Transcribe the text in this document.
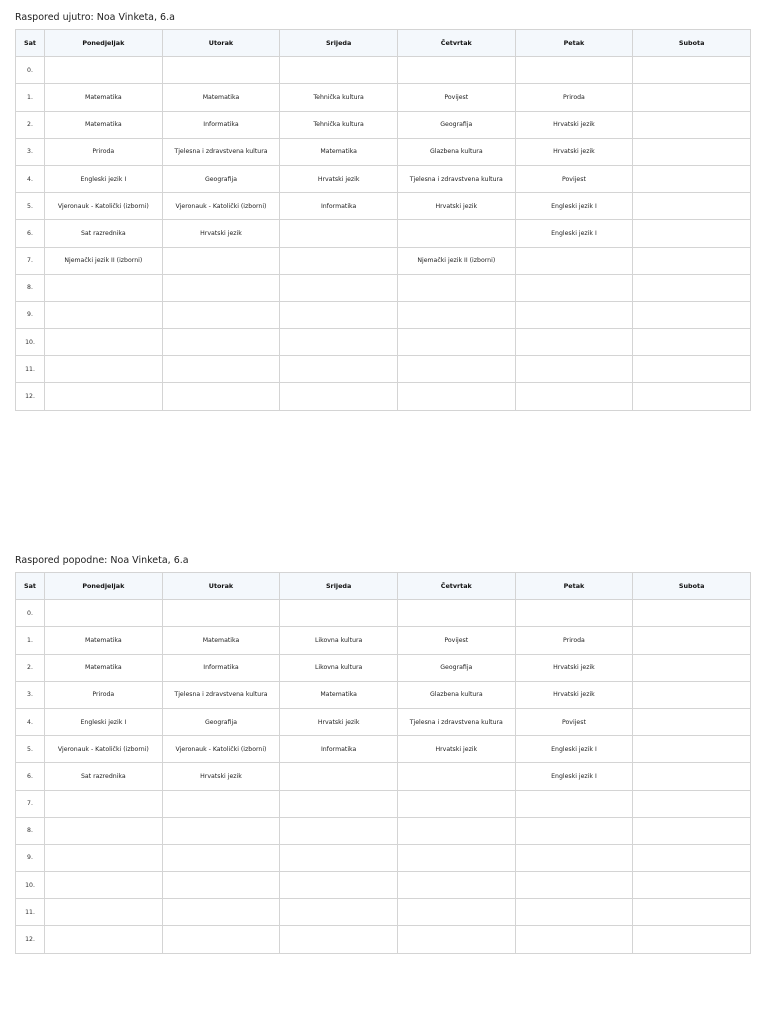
Raspored ujutro: Noa Vinketa, 6.a
Sat	Ponedjeljak	Utorak	Srijeda	Četvrtak	Petak	Subota
0.						
1.	Matematika	Matematika	Tehnička kultura	Povijest	Priroda	
2.	Matematika	Informatika	Tehnička kultura	Geografija	Hrvatski jezik	
3.	Priroda	Tjelesna i zdravstvena kultura	Matematika	Glazbena kultura	Hrvatski jezik	
4.	Engleski jezik I	Geografija	Hrvatski jezik	Tjelesna i zdravstvena kultura	Povijest	
5.	Vjeronauk - Katolički (izborni)	Vjeronauk - Katolički (izborni)	Informatika	Hrvatski jezik	Engleski jezik I	
6.	Sat razrednika	Hrvatski jezik			Engleski jezik I	
7.	Njemački jezik II (izborni)			Njemački jezik II (izborni)		
8.						
9.						
10.						
11.						
12.						
Raspored popodne: Noa Vinketa, 6.a
Sat	Ponedjeljak	Utorak	Srijeda	Četvrtak	Petak	Subota
0.						
1.	Matematika	Matematika	Likovna kultura	Povijest	Priroda	
2.	Matematika	Informatika	Likovna kultura	Geografija	Hrvatski jezik	
3.	Priroda	Tjelesna i zdravstvena kultura	Matematika	Glazbena kultura	Hrvatski jezik	
4.	Engleski jezik I	Geografija	Hrvatski jezik	Tjelesna i zdravstvena kultura	Povijest	
5.	Vjeronauk - Katolički (izborni)	Vjeronauk - Katolički (izborni)	Informatika	Hrvatski jezik	Engleski jezik I	
6.	Sat razrednika	Hrvatski jezik			Engleski jezik I	
7.						
8.						
9.						
10.						
11.						
12.						
